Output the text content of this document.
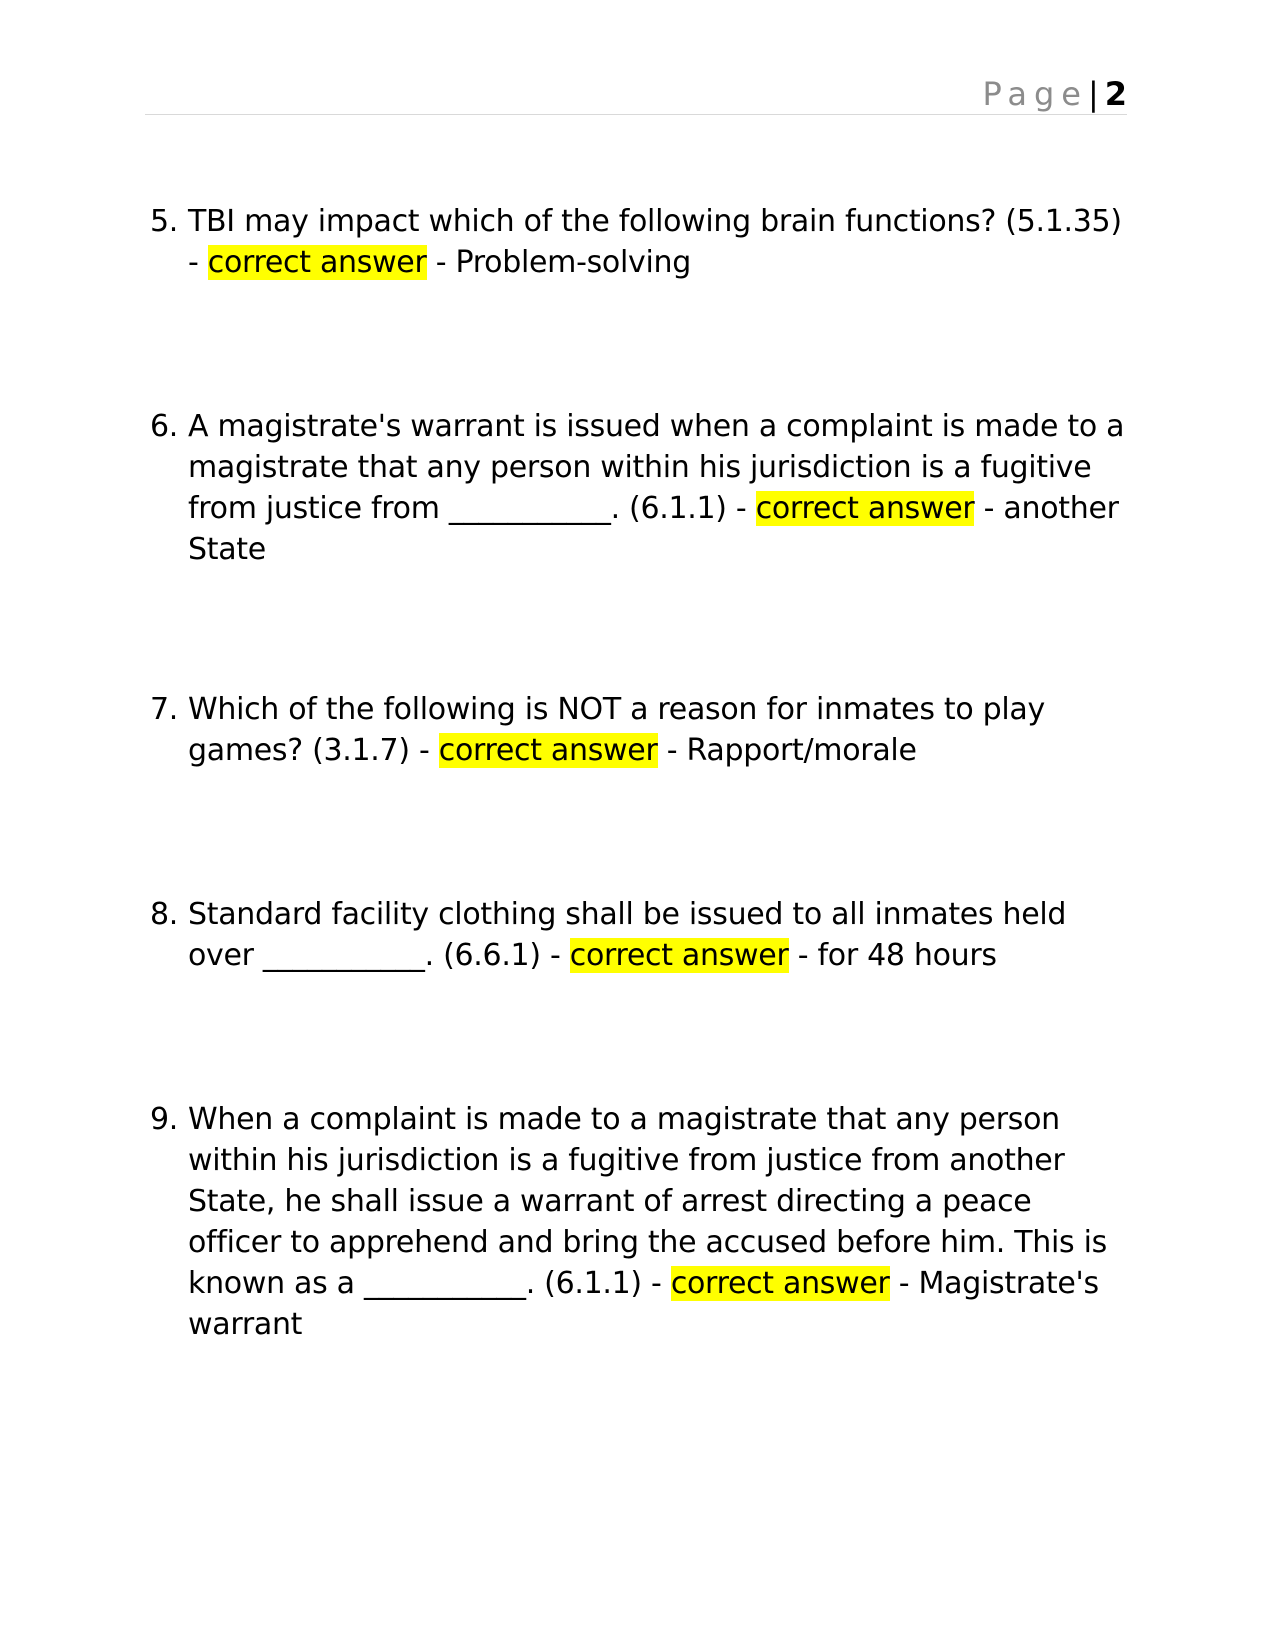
Page| 2
5. TBI may impact which of the following brain functions? (5.1.35) - correct answer - Problem-solving
6. A magistrate's warrant is issued when a complaint is made to a magistrate that any person within his jurisdiction is a fugitive from justice from ___________. (6.1.1) - correct answer - another State
7. Which of the following is NOT a reason for inmates to play games? (3.1.7) - correct answer - Rapport/morale
8. Standard facility clothing shall be issued to all inmates held over ___________. (6.6.1) - correct answer - for 48 hours
9. When a complaint is made to a magistrate that any person within his jurisdiction is a fugitive from justice from another State, he shall issue a warrant of arrest directing a peace officer to apprehend and bring the accused before him. This is known as a ___________. (6.1.1) - correct answer - Magistrate's warrant
